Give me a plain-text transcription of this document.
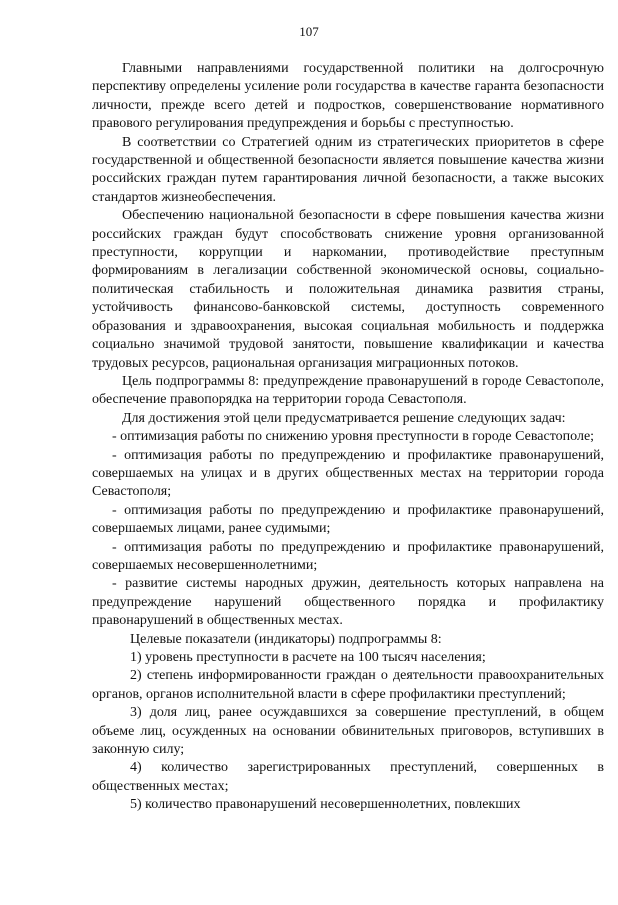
107

Главными направлениями государственной политики на долгосрочную перспективу определены усиление роли государства в качестве гаранта безопасности личности, прежде всего детей и подростков, совершенствование нормативного правового регулирования предупреждения и борьбы с преступностью.

В соответствии со Стратегией одним из стратегических приоритетов в сфере государственной и общественной безопасности является повышение качества жизни российских граждан путем гарантирования личной безопасности, а также высоких стандартов жизнеобеспечения.

Обеспечению национальной безопасности в сфере повышения качества жизни российских граждан будут способствовать снижение уровня организованной преступности, коррупции и наркомании, противодействие преступным формированиям в легализации собственной экономической основы, социально-политическая стабильность и положительная динамика развития страны, устойчивость финансово-банковской системы, доступность современного образования и здравоохранения, высокая социальная мобильность и поддержка социально значимой трудовой занятости, повышение квалификации и качества трудовых ресурсов, рациональная организация миграционных потоков.

Цель подпрограммы 8: предупреждение правонарушений в городе Севастополе, обеспечение правопорядка на территории города Севастополя.

Для достижения этой цели предусматривается решение следующих задач:

- оптимизация работы по снижению уровня преступности в городе Севастополе;

- оптимизация работы по предупреждению и профилактике правонарушений, совершаемых на улицах и в других общественных местах на территории города Севастополя;

- оптимизация работы по предупреждению и профилактике правонарушений, совершаемых лицами, ранее судимыми;

- оптимизация работы по предупреждению и профилактике правонарушений, совершаемых несовершеннолетними;

- развитие системы народных дружин, деятельность которых направлена на предупреждение нарушений общественного порядка и профилактику правонарушений в общественных местах.

Целевые показатели (индикаторы) подпрограммы 8:

1) уровень преступности в расчете на 100 тысяч населения;

2) степень информированности граждан о деятельности правоохранительных органов, органов исполнительной власти в сфере профилактики преступлений;

3) доля лиц, ранее осуждавшихся за совершение преступлений, в общем объеме лиц, осужденных на основании обвинительных приговоров, вступивших в законную силу;

4) количество зарегистрированных преступлений, совершенных в общественных местах;

5) количество правонарушений несовершеннолетних, повлекших
